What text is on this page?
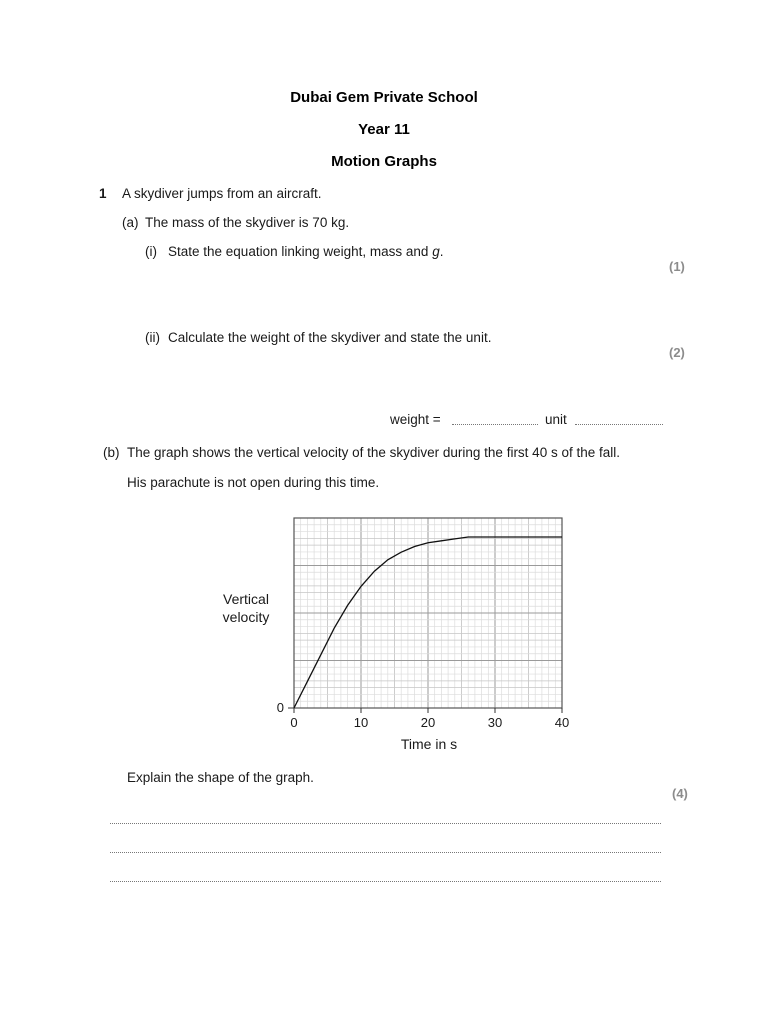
Dubai Gem Private School
Year 11
Motion Graphs
1 A skydiver jumps from an aircraft.
(a) The mass of the skydiver is 70 kg.
(i) State the equation linking weight, mass and g.
(1)
(ii) Calculate the weight of the skydiver and state the unit.
(2)
weight =	unit
(b) The graph shows the vertical velocity of the skydiver during the first 40 s of the fall.
His parachute is not open during this time.
0	10	20	30	40
0
Vertical
velocity
Time in s
Explain the shape of the graph.
(4)
